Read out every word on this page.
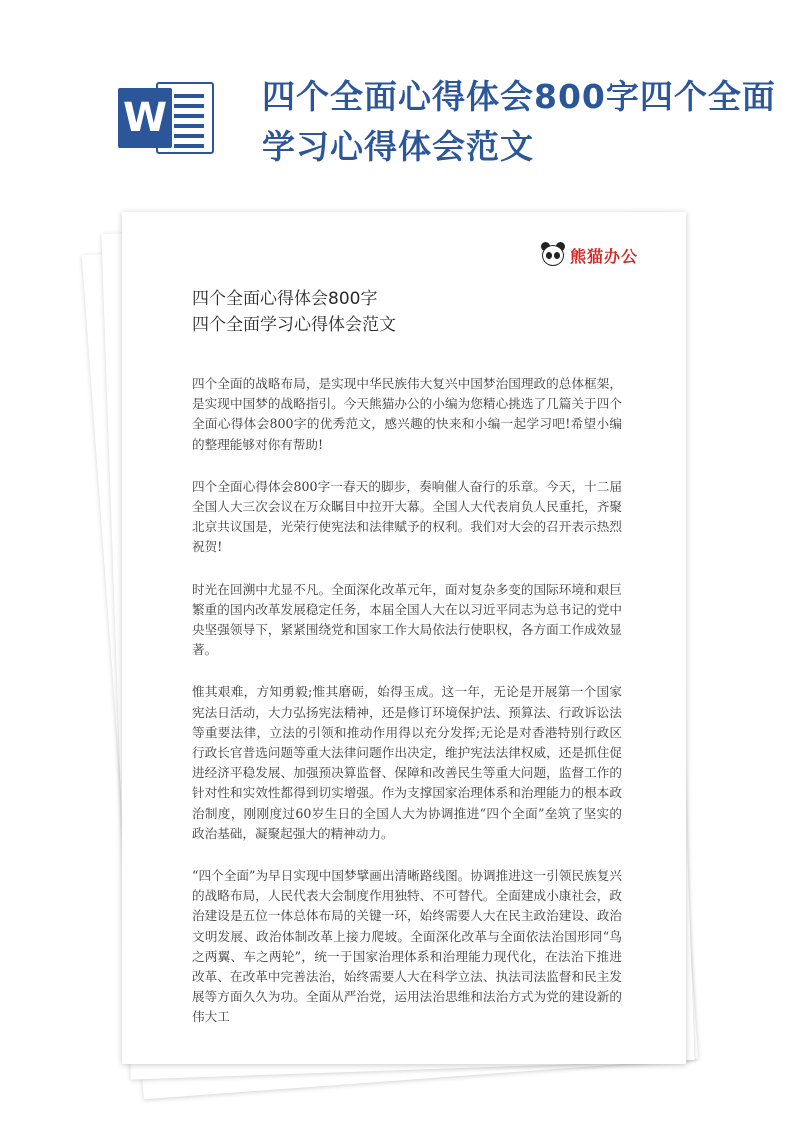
W	四个全面心得体会800字四个全面学习心得体会范文
熊猫办公
四个全面心得体会800字
四个全面学习心得体会范文

四个全面的战略布局，是实现中华民族伟大复兴中国梦治国理政的总体框架，是实现中国梦的战略指引。今天熊猫办公的小编为您精心挑选了几篇关于四个全面心得体会800字的优秀范文，感兴趣的快来和小编一起学习吧!希望小编的整理能够对你有帮助!

四个全面心得体会800字一春天的脚步，奏响催人奋行的乐章。今天，十二届全国人大三次会议在万众瞩目中拉开大幕。全国人大代表肩负人民重托，齐聚北京共议国是，光荣行使宪法和法律赋予的权利。我们对大会的召开表示热烈祝贺!

时光在回溯中尤显不凡。全面深化改革元年，面对复杂多变的国际环境和艰巨繁重的国内改革发展稳定任务，本届全国人大在以习近平同志为总书记的党中央坚强领导下，紧紧围绕党和国家工作大局依法行使职权，各方面工作成效显著。

惟其艰难，方知勇毅;惟其磨砺，始得玉成。这一年，无论是开展第一个国家宪法日活动，大力弘扬宪法精神，还是修订环境保护法、预算法、行政诉讼法等重要法律，立法的引领和推动作用得以充分发挥;无论是对香港特别行政区行政长官普选问题等重大法律问题作出决定，维护宪法法律权威，还是抓住促进经济平稳发展、加强预决算监督、保障和改善民生等重大问题，监督工作的针对性和实效性都得到切实增强。作为支撑国家治理体系和治理能力的根本政治制度，刚刚度过60岁生日的全国人大为协调推进“四个全面”垒筑了坚实的政治基础，凝聚起强大的精神动力。

“四个全面”为早日实现中国梦擘画出清晰路线图。协调推进这一引领民族复兴的战略布局，人民代表大会制度作用独特、不可替代。全面建成小康社会，政治建设是五位一体总体布局的关键一环，始终需要人大在民主政治建设、政治文明发展、政治体制改革上接力爬坡。全面深化改革与全面依法治国形同“鸟之两翼、车之两轮”，统一于国家治理体系和治理能力现代化，在法治下推进改革、在改革中完善法治，始终需要人大在科学立法、执法司法监督和民主发展等方面久久为功。全面从严治党，运用法治思维和法治方式为党的建设新的伟大工
